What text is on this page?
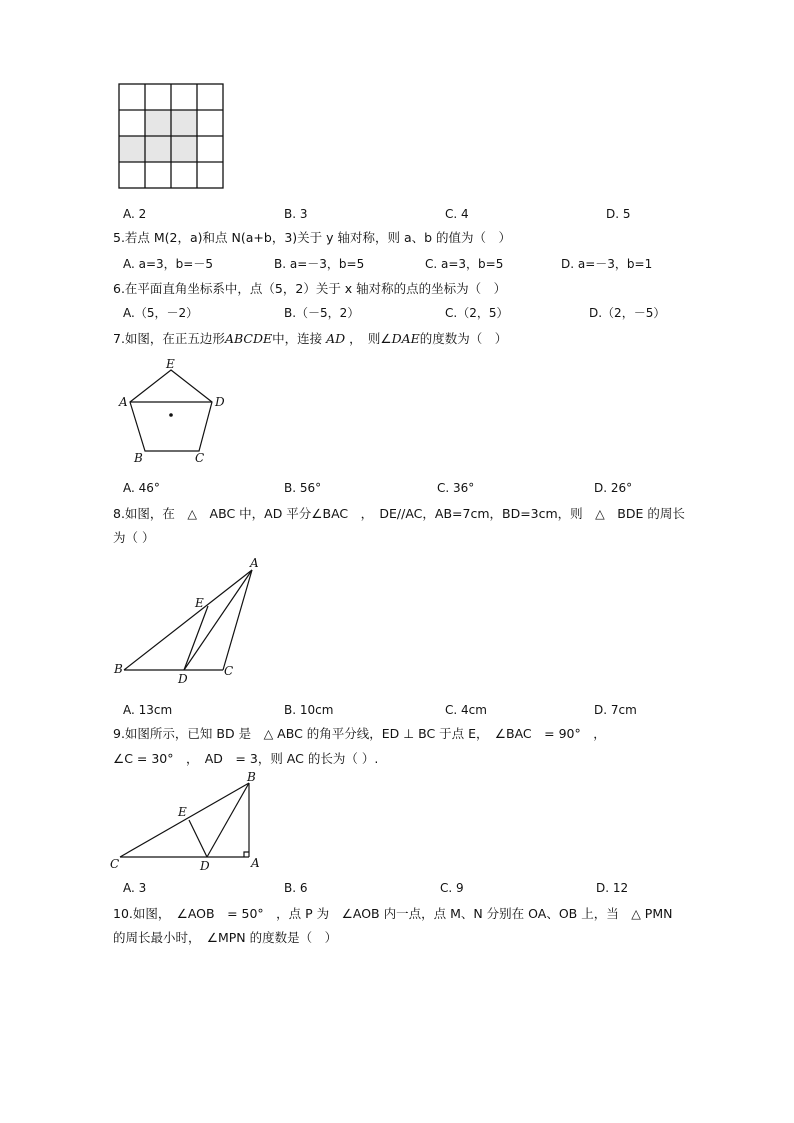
A. 2	B. 3	C. 4	D. 5
5.若点 M(2，a)和点 N(a+b，3)关于 y 轴对称，则 a、b 的值为（　）
A. a=3，b=－5	B. a=－3，b=5	C. a=3，b=5	D. a=－3，b=1
6.在平面直角坐标系中，点（5，2）关于 x 轴对称的点的坐标为（　）
A.（5，－2）	B.（－5，2）	C.（2，5）	D.（2，－5）
7.如图，在正五边形ABCDE中，连接 AD ，　则∠DAE的度数为（　）
E
A	D
B	C
A. 46°	B. 56°	C. 36°	D. 26°
8.如图，在　△　ABC 中，AD 平分∠BAC　，　DE//AC，AB=7cm，BD=3cm，则　△　BDE 的周长
为（ ）
A
E
B
D
C
A. 13cm	B. 10cm	C. 4cm	D. 7cm
9.如图所示，已知 BD 是　△ ABC 的角平分线，ED ⊥ BC 于点 E，　∠BAC　= 90°　，
∠C = 30°　，　AD　= 3，则 AC 的长为（ ）.
B
E
C	D	A
A. 3	B. 6	C. 9	D. 12
10.如图，　∠AOB　= 50°　，点 P 为　∠AOB 内一点，点 M、N 分别在 OA、OB 上，当　△ PMN
的周长最小时，　∠MPN 的度数是（　）
